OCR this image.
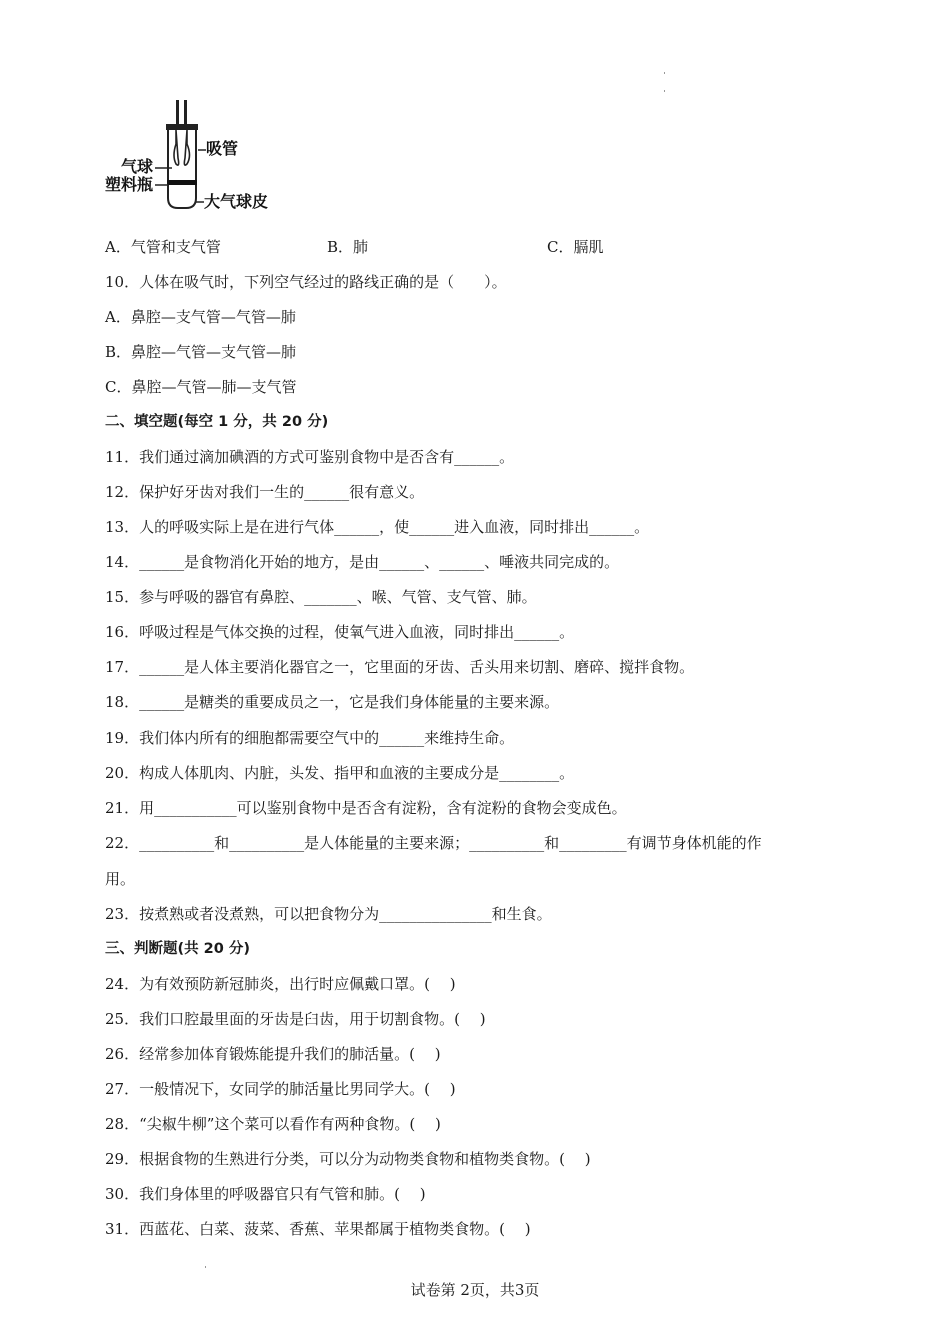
吸管
气球
塑料瓶
大气球皮
A．气管和支气管	B．肺	C．膈肌
10．人体在吸气时，下列空气经过的路线正确的是（　　）。
A．鼻腔—支气管—气管—肺
B．鼻腔—气管—支气管—肺
C．鼻腔—气管—肺—支气管
二、填空题(每空 1 分，共 20 分)
11．我们通过滴加碘酒的方式可鉴别食物中是否含有______。
12．保护好牙齿对我们一生的______很有意义。
13．人的呼吸实际上是在进行气体______，使______进入血液，同时排出______。
14．______是食物消化开始的地方，是由______、______、唾液共同完成的。
15．参与呼吸的器官有鼻腔、_______、喉、气管、支气管、肺。
16．呼吸过程是气体交换的过程，使氧气进入血液，同时排出______。
17．______是人体主要消化器官之一，它里面的牙齿、舌头用来切割、磨碎、搅拌食物。
18．______是糖类的重要成员之一，它是我们身体能量的主要来源。
19．我们体内所有的细胞都需要空气中的______来维持生命。
20．构成人体肌肉、内脏，头发、指甲和血液的主要成分是________。
21．用___________可以鉴别食物中是否含有淀粉，含有淀粉的食物会变成色。
22．__________和__________是人体能量的主要来源；__________和_________有调节身体机能的作
用。
23．按煮熟或者没煮熟，可以把食物分为_______________和生食。
三、判断题(共 20 分)
24．为有效预防新冠肺炎，出行时应佩戴口罩。(　 )
25．我们口腔最里面的牙齿是臼齿，用于切割食物。(　 )
26．经常参加体育锻炼能提升我们的肺活量。(　 )
27．一般情况下，女同学的肺活量比男同学大。(　 )
28．“尖椒牛柳”这个菜可以看作有两种食物。(　 )
29．根据食物的生熟进行分类，可以分为动物类食物和植物类食物。(　 )
30．我们身体里的呼吸器官只有气管和肺。(　 )
31．西蓝花、白菜、菠菜、香蕉、苹果都属于植物类食物。(　 )
试卷第 2页，共3页
